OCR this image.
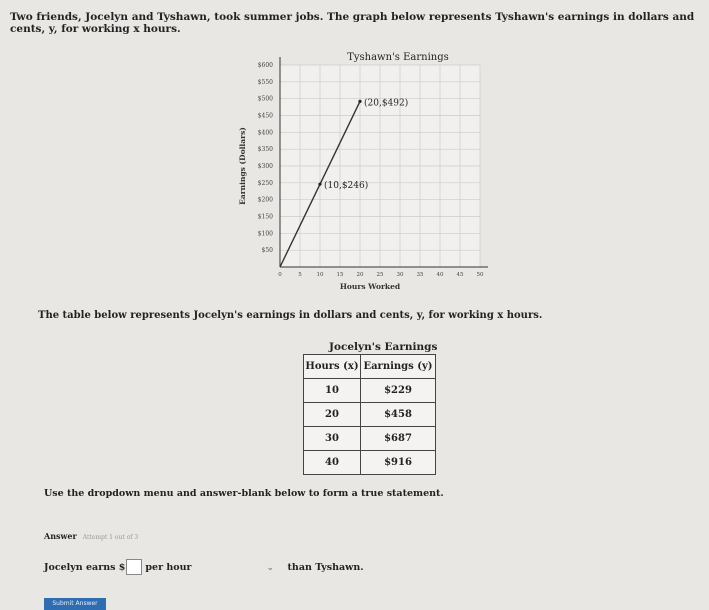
Two friends, Jocelyn and Tyshawn, took summer jobs. The graph below represents Tyshawn's earnings in dollars and cents, y, for working x hours.
$50
$100
$150
$200
$250
$300
$350
$400
$450
$500
$550
$600
0	5	10 15 20 25 30 35 40 45 50
Tyshawn's Earnings
Hours Worked
Earnings (Dollars)	(10,$246)
(20,$492)
The table below represents Jocelyn's earnings in dollars and cents, y, for working x hours.
Jocelyn's Earnings
Hours (x)	Earnings (y)
10	$229
20	$458
30	$687
40	$916
Use the dropdown menu and answer-blank below to form a true statement.
Answer Attempt 1 out of 3
Jocelyn earns $ per hour	⌄ than Tyshawn.
Submit Answer
